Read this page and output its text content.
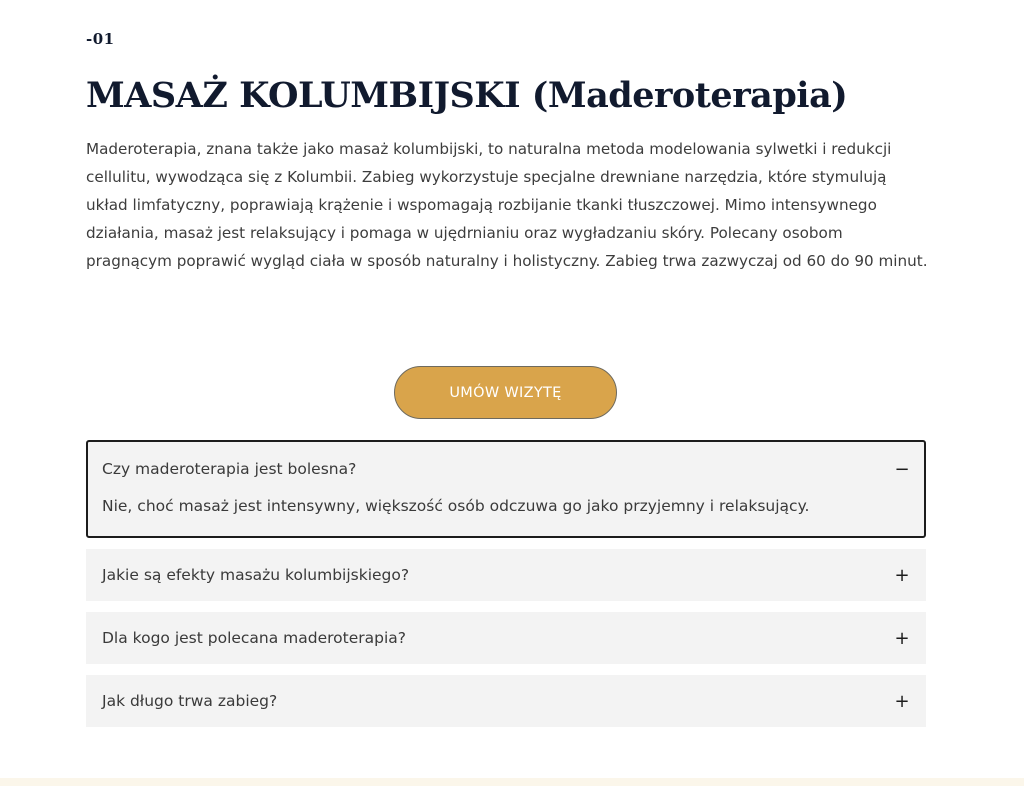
-01
MASAŻ KOLUMBIJSKI (Maderoterapia)

Maderoterapia, znana także jako masaż kolumbijski, to naturalna metoda modelowania sylwetki i redukcji cellulitu, wywodząca się z Kolumbii. Zabieg wykorzystuje specjalne drewniane narzędzia, które stymulują układ limfatyczny, poprawiają krążenie i wspomagają rozbijanie tkanki tłuszczowej. Mimo intensywnego działania, masaż jest relaksujący i pomaga w ujędrnianiu oraz wygładzaniu skóry. Polecany osobom pragnącym poprawić wygląd ciała w sposób naturalny i holistyczny. Zabieg trwa zazwyczaj od 60 do 90 minut.

UMÓW WIZYTĘ
Czy maderoterapia jest bolesna?	−
Nie, choć masaż jest intensywny, większość osób odczuwa go jako przyjemny i relaksujący.
Jakie są efekty masażu kolumbijskiego?	+
Dla kogo jest polecana maderoterapia?	+
Jak długo trwa zabieg?	+
